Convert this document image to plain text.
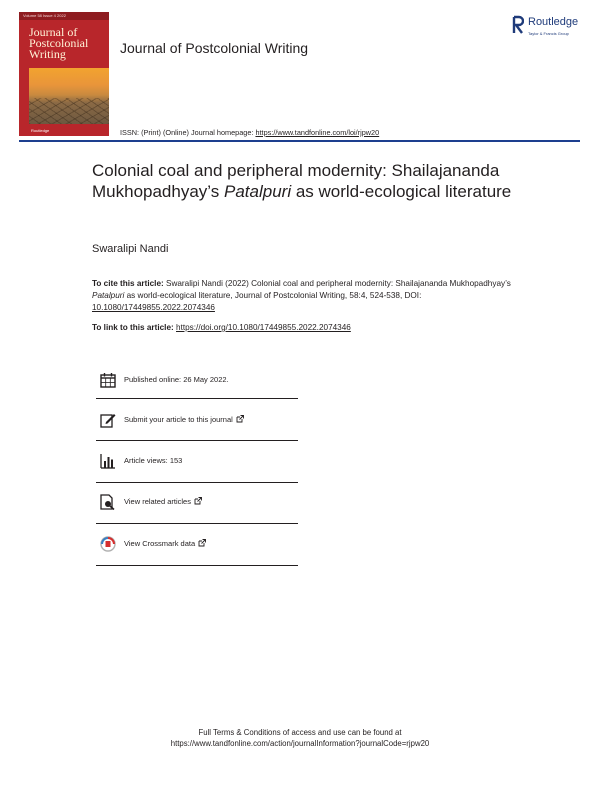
Volume 58 Issue 4 2022
Journal of
Postcolonial
Writing
Routledge
Journal of Postcolonial Writing
Routledge
Taylor & Francis Group
ISSN: (Print) (Online) Journal homepage: https://www.tandfonline.com/loi/rjpw20
Colonial coal and peripheral modernity: Shailajananda Mukhopadhyay’s Patalpuri as world-ecological literature
Swaralipi Nandi
To cite this article: Swaralipi Nandi (2022) Colonial coal and peripheral modernity: Shailajananda Mukhopadhyay’s Patalpuri as world-ecological literature, Journal of Postcolonial Writing, 58:4, 524-538, DOI: 10.1080/17449855.2022.2074346
To link to this article: https://doi.org/10.1080/17449855.2022.2074346
Published online: 26 May 2022.
Submit your article to this journal
Article views: 153
View related articles
View Crossmark data
Full Terms & Conditions of access and use can be found at
https://www.tandfonline.com/action/journalInformation?journalCode=rjpw20
